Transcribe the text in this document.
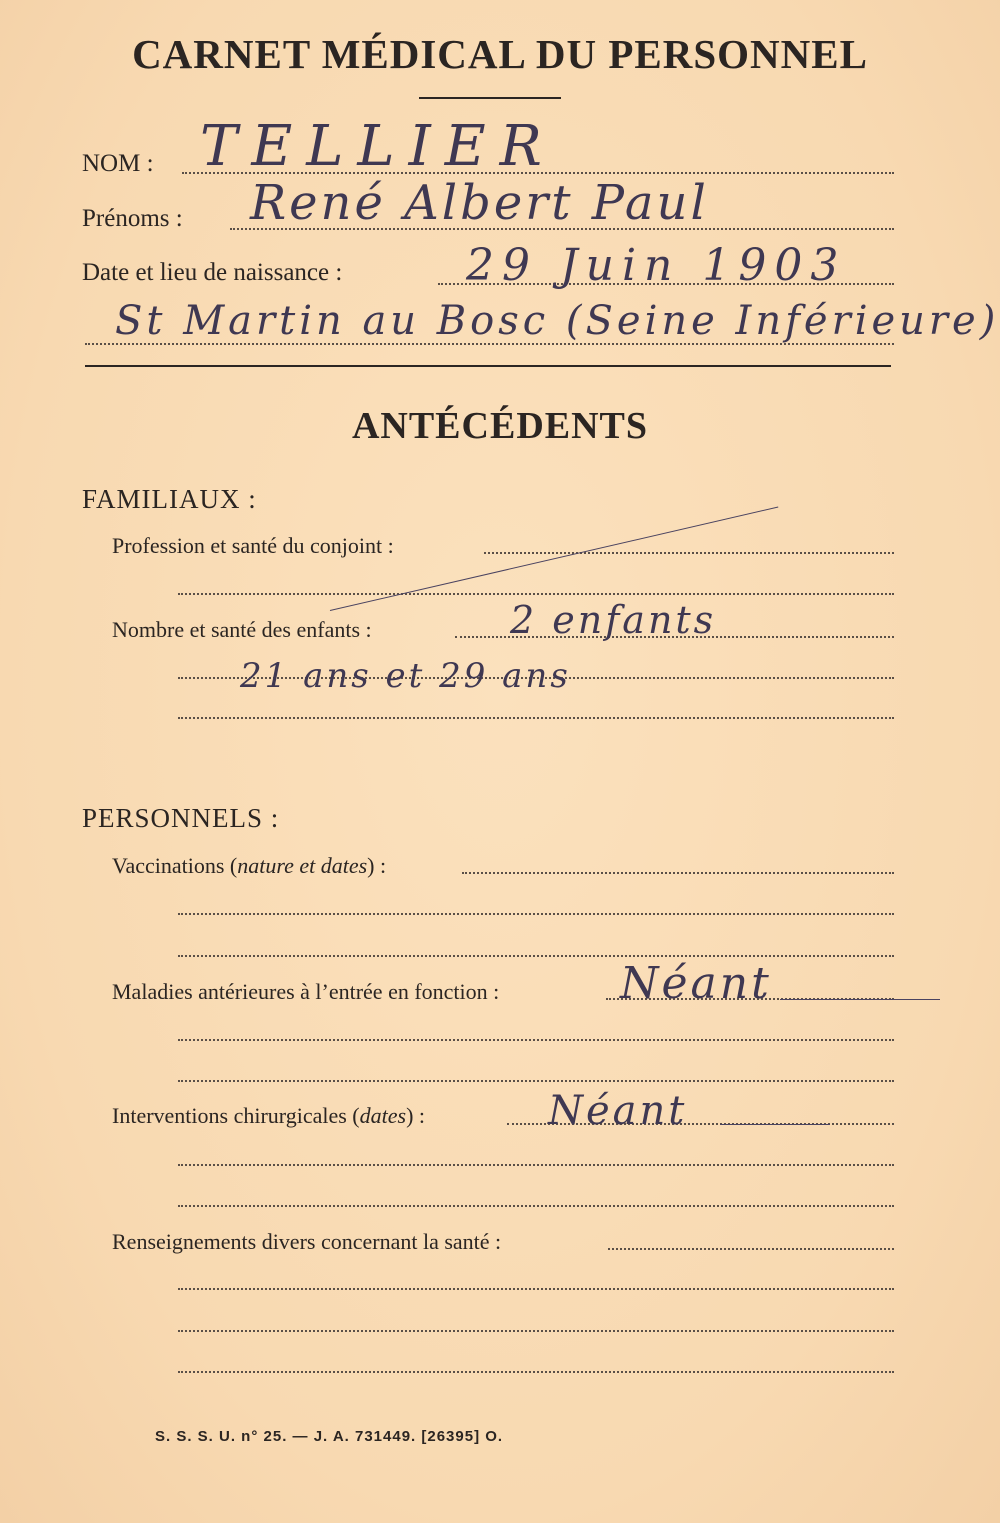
CARNET MÉDICAL DU PERSONNEL
NOM : TELLIER
Prénoms : René Albert Paul
Date et lieu de naissance :	29 Juin 1903
St Martin au Bosc (Seine Inférieure)
ANTÉCÉDENTS
FAMILIAUX :
Profession et santé du conjoint :
Nombre et santé des enfants :	2 enfants
21 ans et 29 ans
PERSONNELS :
Vaccinations (nature et dates) :
Maladies antérieures à l’entrée en fonction :	Néant
Interventions chirurgicales (dates) :	Néant
Renseignements divers concernant la santé :
S. S. S. U. n° 25. — J. A. 731449. [26395] O.
